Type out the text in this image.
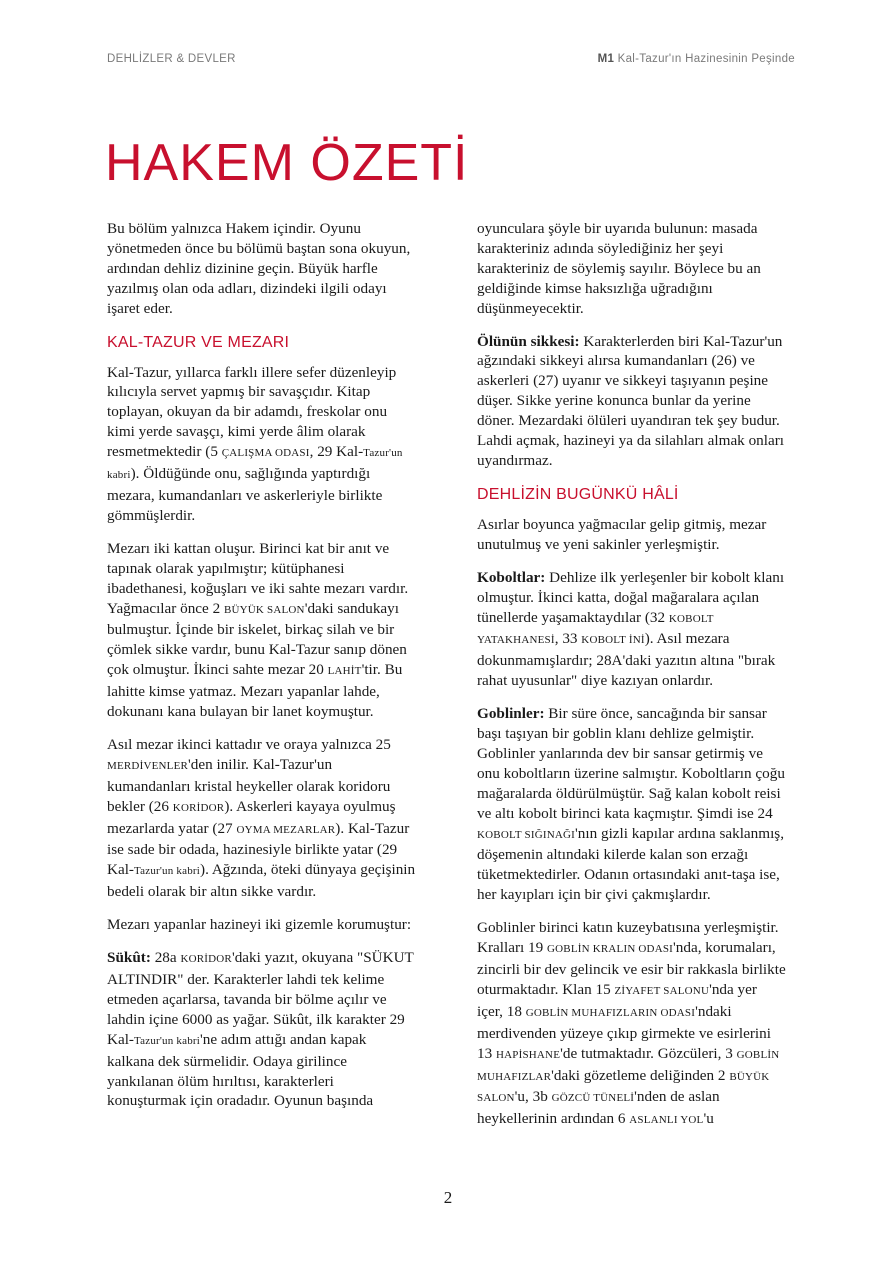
DEHLİZLER & DEVLER	M1 Kal-Tazur'ın Hazinesinin Peşinde
HAKEM ÖZETİ

Bu bölüm yalnızca Hakem içindir. Oyunu yönetmeden önce bu bölümü baştan sona okuyun, ardından dehliz dizinine geçin. Büyük harfle yazılmış olan oda adları, dizindeki ilgili odayı işaret eder.

KAL-TAZUR VE MEZARI

Kal-Tazur, yıllarca farklı illere sefer düzenleyip kılıcıyla servet yapmış bir savaşçıdır. Kitap toplayan, okuyan da bir adamdı, freskolar onu kimi yerde savaşçı, kimi yerde âlim olarak resmetmektedir (5 ÇALIŞMA ODASI, 29 Kal-Tazur'un kabri). Öldüğünde onu, sağlığında yaptırdığı mezara, kumandanları ve askerleriyle birlikte gömmüşlerdir.

Mezarı iki kattan oluşur. Birinci kat bir anıt ve tapınak olarak yapılmıştır; kütüphanesi ibadethanesi, koğuşları ve iki sahte mezarı vardır. Yağmacılar önce 2 BÜYÜK SALON'daki sandukayı bulmuştur. İçinde bir iskelet, birkaç silah ve bir çömlek sikke vardır, bunu Kal-Tazur sanıp dönen çok olmuştur. İkinci sahte mezar 20 LAHİT'tir. Bu lahitte kimse yatmaz. Mezarı yapanlar lahde, dokunanı kana bulayan bir lanet koymuştur.

Asıl mezar ikinci kattadır ve oraya yalnızca 25 MERDİVENLER'den inilir. Kal-Tazur'un kumandanları kristal heykeller olarak koridoru bekler (26 KORİDOR). Askerleri kayaya oyulmuş mezarlarda yatar (27 OYMA MEZARLAR). Kal-Tazur ise sade bir odada, hazinesiyle birlikte yatar (29 Kal-Tazur'un kabri). Ağzında, öteki dünyaya geçişinin bedeli olarak bir altın sikke vardır.

Mezarı yapanlar hazineyi iki gizemle korumuştur:

Sükût: 28a KORİDOR'daki yazıt, okuyana "SÜKUT ALTINDIR" der. Karakterler lahdi tek kelime etmeden açarlarsa, tavanda bir bölme açılır ve lahdin içine 6000 as yağar. Sükût, ilk karakter 29 Kal-Tazur'un kabri'ne adım attığı andan kapak kalkana dek sürmelidir. Odaya girilince yankılanan ölüm hırıltısı, karakterleri konuşturmak için oradadır. Oyunun başında

oyunculara şöyle bir uyarıda bulunun: masada karakteriniz adında söylediğiniz her şeyi karakteriniz de söylemiş sayılır. Böylece bu an geldiğinde kimse haksızlığa uğradığını düşünmeyecektir.

Ölünün sikkesi: Karakterlerden biri Kal-Tazur'un ağzındaki sikkeyi alırsa kumandanları (26) ve askerleri (27) uyanır ve sikkeyi taşıyanın peşine düşer. Sikke yerine konunca bunlar da yerine döner. Mezardaki ölüleri uyandıran tek şey budur. Lahdi açmak, hazineyi ya da silahları almak onları uyandırmaz.

DEHLİZİN BUGÜNKÜ HÂLİ

Asırlar boyunca yağmacılar gelip gitmiş, mezar unutulmuş ve yeni sakinler yerleşmiştir.

Koboltlar: Dehlize ilk yerleşenler bir kobolt klanı olmuştur. İkinci katta, doğal mağaralara açılan tünellerde yaşamaktaydılar (32 KOBOLT YATAKHANESİ, 33 KOBOLT İNİ). Asıl mezara dokunmamışlardır; 28A'daki yazıtın altına "bırak rahat uyusunlar" diye kazıyan onlardır.

Goblinler: Bir süre önce, sancağında bir sansar başı taşıyan bir goblin klanı dehlize gelmiştir. Goblinler yanlarında dev bir sansar getirmiş ve onu koboltların üzerine salmıştır. Koboltların çoğu mağaralarda öldürülmüştür. Sağ kalan kobolt reisi ve altı kobolt birinci kata kaçmıştır. Şimdi ise 24 KOBOLT SIĞINAĞI'nın gizli kapılar ardına saklanmış, döşemenin altındaki kilerde kalan son erzağı tüketmektedirler. Odanın ortasındaki anıt-taşa ise, her kayıpları için bir çivi çakmışlardır.

Goblinler birinci katın kuzeybatısına yerleşmiştir. Kralları 19 GOBLİN KRALIN ODASI'nda, korumaları, zincirli bir dev gelincik ve esir bir rakkasla birlikte oturmaktadır. Klan 15 ZİYAFET SALONU'nda yer içer, 18 GOBLİN MUHAFIZLARIN ODASI'ndaki merdivenden yüzeye çıkıp girmekte ve esirlerini 13 HAPİSHANE'de tutmaktadır. Gözcüleri, 3 GOBLİN MUHAFIZLAR'daki gözetleme deliğinden 2 BÜYÜK SALON'u, 3b GÖZCÜ TÜNELİ'nden de aslan heykellerinin ardından 6 ASLANLI YOL'u

2
